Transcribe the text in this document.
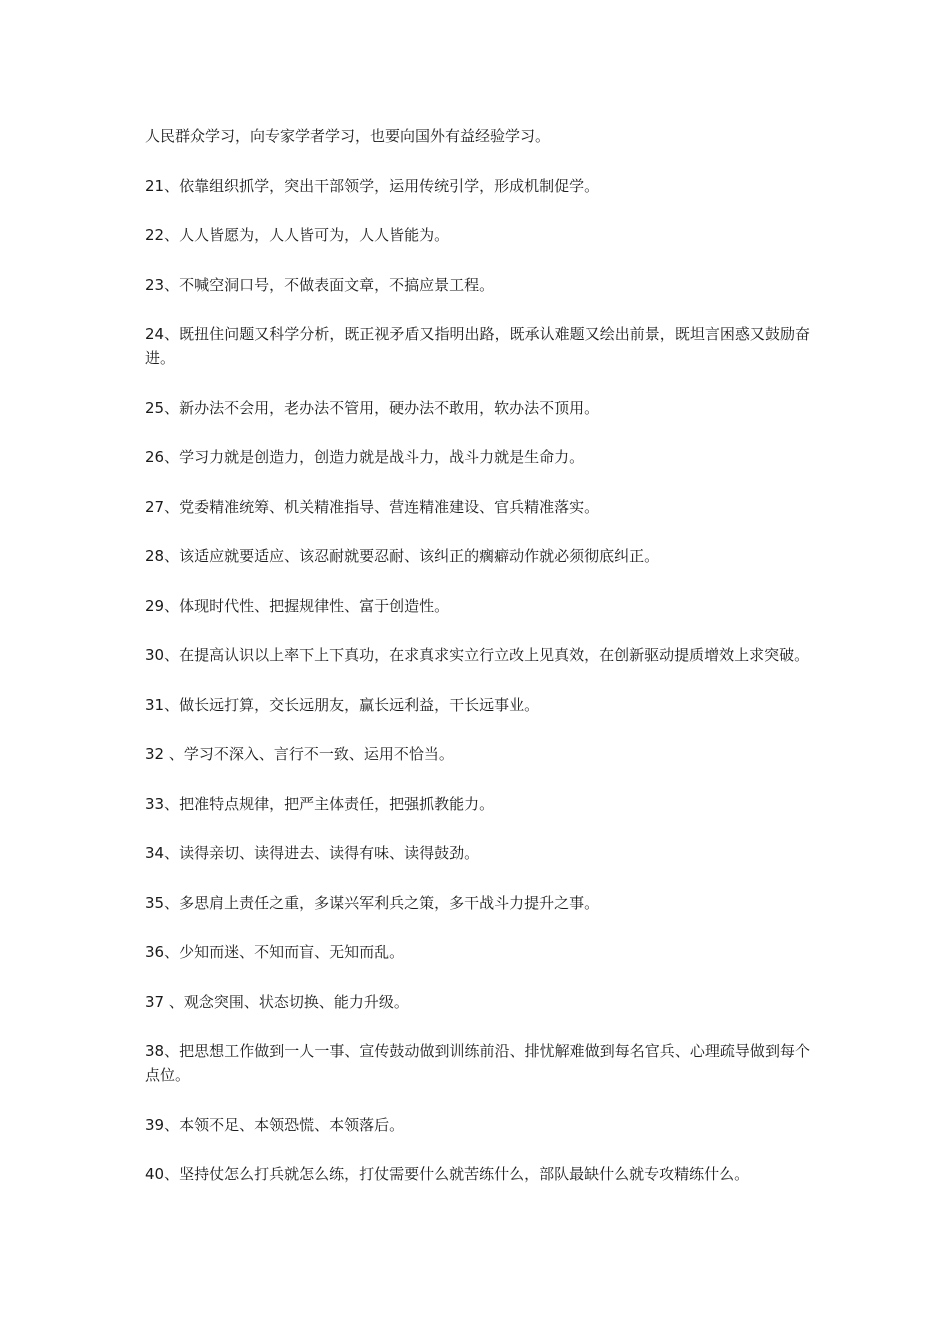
人民群众学习，向专家学者学习，也要向国外有益经验学习。

21、依靠组织抓学，突出干部领学，运用传统引学，形成机制促学。

22、人人皆愿为，人人皆可为，人人皆能为。

23、不喊空洞口号，不做表面文章，不搞应景工程。

24、既扭住问题又科学分析，既正视矛盾又指明出路，既承认难题又绘出前景，既坦言困惑又鼓励奋进。

25、新办法不会用，老办法不管用，硬办法不敢用，软办法不顶用。

26、学习力就是创造力，创造力就是战斗力，战斗力就是生命力。

27、党委精准统筹、机关精准指导、营连精准建设、官兵精准落实。

28、该适应就要适应、该忍耐就要忍耐、该纠正的瘸癖动作就必须彻底纠正。

29、体现时代性、把握规律性、富于创造性。

30、在提高认识以上率下上下真功，在求真求实立行立改上见真效，在创新驱动提质增效上求突破。

31、做长远打算，交长远朋友，赢长远利益，干长远事业。

32 、学习不深入、言行不一致、运用不恰当。

33、把准特点规律，把严主体责任，把强抓教能力。

34、读得亲切、读得进去、读得有味、读得鼓劲。

35、多思肩上责任之重，多谋兴军利兵之策，多干战斗力提升之事。

36、少知而迷、不知而盲、无知而乱。

37 、观念突围、状态切换、能力升级。

38、把思想工作做到一人一事、宣传鼓动做到训练前沿、排忧解难做到每名官兵、心理疏导做到每个点位。

39、本领不足、本领恐慌、本领落后。

40、坚持仗怎么打兵就怎么练，打仗需要什么就苦练什么，部队最缺什么就专攻精练什么。
